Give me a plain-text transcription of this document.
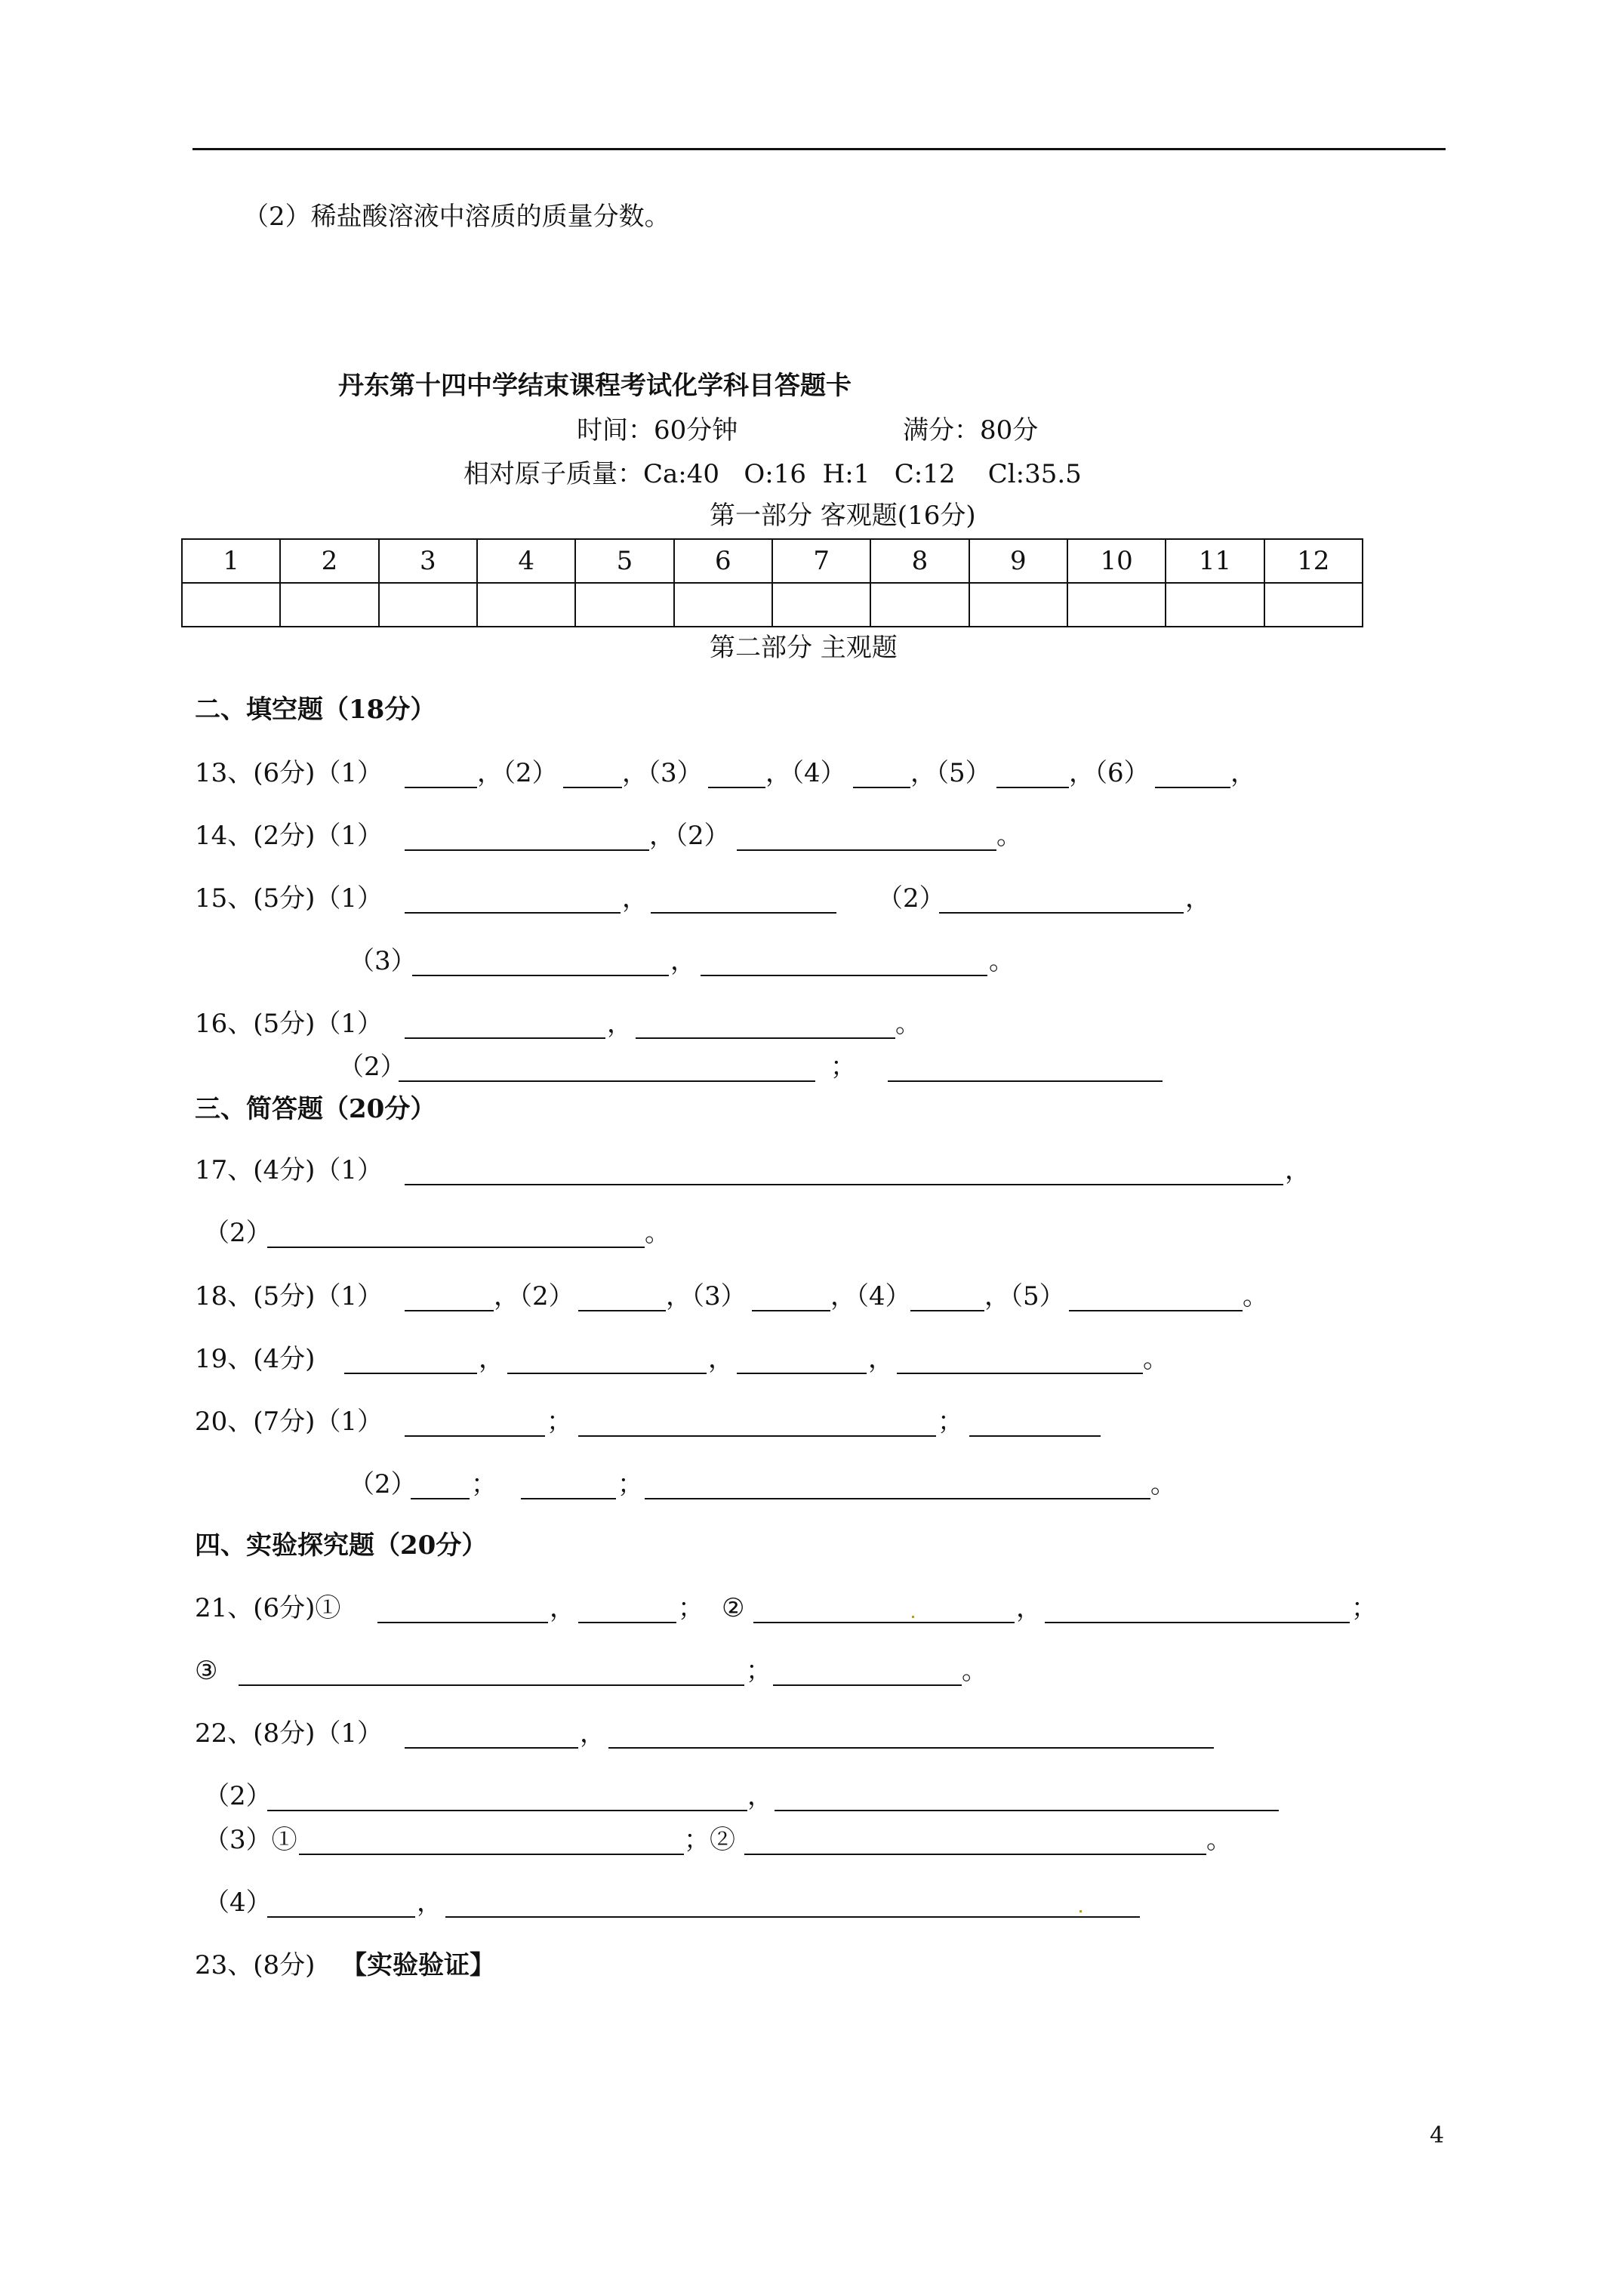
（2）稀盐酸溶液中溶质的质量分数。
丹东第十四中学结束课程考试化学科目答题卡
时间：60分钟	满分：80分
相对原子质量：Ca:40   O:16  H:1   C:12    Cl:35.5
第一部分 客观题(16分)
1	2	3	4	5	6	7	8	9	10	11	12

第二部分 主观题
二、填空题（18分）
13、(6分)（1）	，（2）	，（3） ，（4）	，（5）	，（6）	，
14、(2分)（1）	，（2）	。
15、(5分)（1）	，	（2）	，
（3）	，	。
16、(5分)（1）	，	。
（2）	；
三、简答题（20分）
17、(4分)（1）	，
（2）	。
18、(5分)（1）	，（2）	，（3）	，（4）	，（5）	。
19、(4分)	，	，	，	。
20、(7分)（1）	；	；
（2） ；	；	。
四、实验探究题（20分）
21、(6分)①	，	； ②	，	；
③	；	。
22、(8分)（1）	，
（2）	，
（3）①	；②	。
（4）	，
23、(8分) 【实验验证】
4
